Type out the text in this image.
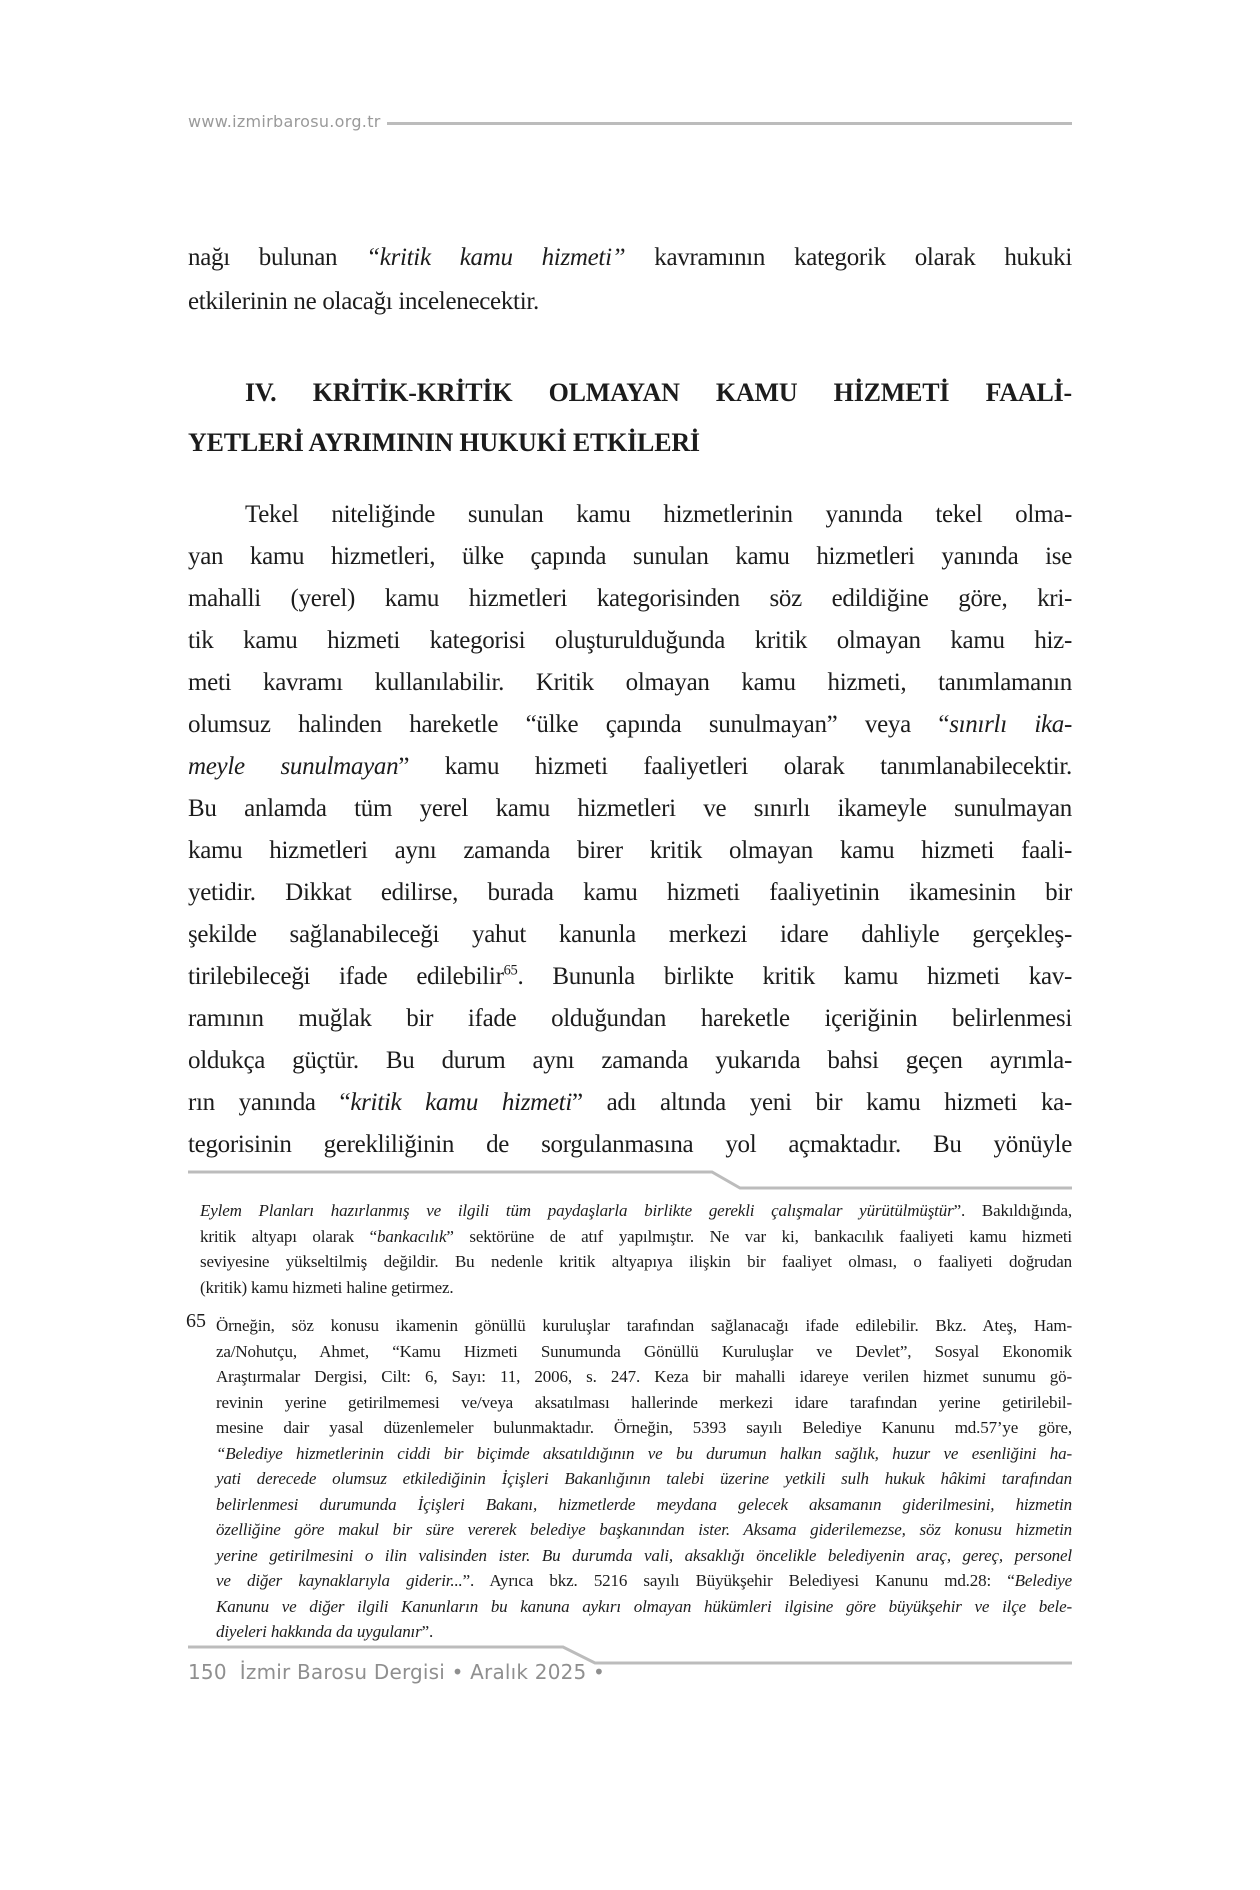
www.izmirbarosu.org.tr
nağı bulunan “kritik kamu hizmeti” kavramının kategorik olarak hukuki
etkilerinin ne olacağı incelenecektir.
IV. KRİTİK-KRİTİK OLMAYAN KAMU HİZMETİ FAALİ-
YETLERİ AYRIMININ HUKUKİ ETKİLERİ
Tekel niteliğinde sunulan kamu hizmetlerinin yanında tekel olma-
yan kamu hizmetleri, ülke çapında sunulan kamu hizmetleri yanında ise
mahalli (yerel) kamu hizmetleri kategorisinden söz edildiğine göre, kri-
tik kamu hizmeti kategorisi oluşturulduğunda kritik olmayan kamu hiz-
meti kavramı kullanılabilir. Kritik olmayan kamu hizmeti, tanımlamanın
olumsuz halinden hareketle “ülke çapında sunulmayan” veya “sınırlı ika-
meyle sunulmayan” kamu hizmeti faaliyetleri olarak tanımlanabilecektir.
Bu anlamda tüm yerel kamu hizmetleri ve sınırlı ikameyle sunulmayan
kamu hizmetleri aynı zamanda birer kritik olmayan kamu hizmeti faali-
yetidir. Dikkat edilirse, burada kamu hizmeti faaliyetinin ikamesinin bir
şekilde sağlanabileceği yahut kanunla merkezi idare dahliyle gerçekleş-
tirilebileceği ifade edilebilir$^{65}$. Bununla birlikte kritik kamu hizmeti kav-
ramının muğlak bir ifade olduğundan hareketle içeriğinin belirlenmesi
oldukça güçtür. Bu durum aynı zamanda yukarıda bahsi geçen ayrımla-
rın yanında “kritik kamu hizmeti” adı altında yeni bir kamu hizmeti ka-
tegorisinin gerekliliğinin de sorgulanmasına yol açmaktadır. Bu yönüyle
Eylem Planları hazırlanmış ve ilgili tüm paydaşlarla birlikte gerekli çalışmalar yürütülmüştür”. Bakıldığında,
kritik altyapı olarak “bankacılık” sektörüne de atıf yapılmıştır. Ne var ki, bankacılık faaliyeti kamu hizmeti
seviyesine yükseltilmiş değildir. Bu nedenle kritik altyapıya ilişkin bir faaliyet olması, o faaliyeti doğrudan
(kritik) kamu hizmeti haline getirmez.
65 Örneğin, söz konusu ikamenin gönüllü kuruluşlar tarafından sağlanacağı ifade edilebilir. Bkz. Ateş, Ham-
za/Nohutçu, Ahmet, “Kamu Hizmeti Sunumunda Gönüllü Kuruluşlar ve Devlet”, Sosyal Ekonomik
Araştırmalar Dergisi, Cilt: 6, Sayı: 11, 2006, s. 247. Keza bir mahalli idareye verilen hizmet sunumu gö-
revinin yerine getirilmemesi ve/veya aksatılması hallerinde merkezi idare tarafından yerine getirilebil-
mesine dair yasal düzenlemeler bulunmaktadır. Örneğin, 5393 sayılı Belediye Kanunu md.57’ye göre,
“Belediye hizmetlerinin ciddi bir biçimde aksatıldığının ve bu durumun halkın sağlık, huzur ve esenliğini ha-
yati derecede olumsuz etkilediğinin İçişleri Bakanlığının talebi üzerine yetkili sulh hukuk hâkimi tarafından
belirlenmesi durumunda İçişleri Bakanı, hizmetlerde meydana gelecek aksamanın giderilmesini, hizmetin
özelliğine göre makul bir süre vererek belediye başkanından ister. Aksama giderilemezse, söz konusu hizmetin
yerine getirilmesini o ilin valisinden ister. Bu durumda vali, aksaklığı öncelikle belediyenin araç, gereç, personel
ve diğer kaynaklarıyla giderir...”. Ayrıca bkz. 5216 sayılı Büyükşehir Belediyesi Kanunu md.28: “Belediye
Kanunu ve diğer ilgili Kanunların bu kanuna aykırı olmayan hükümleri ilgisine göre büyükşehir ve ilçe bele-
diyeleri hakkında da uygulanır”.
150 İzmir Barosu Dergisi • Aralık 2025 •
